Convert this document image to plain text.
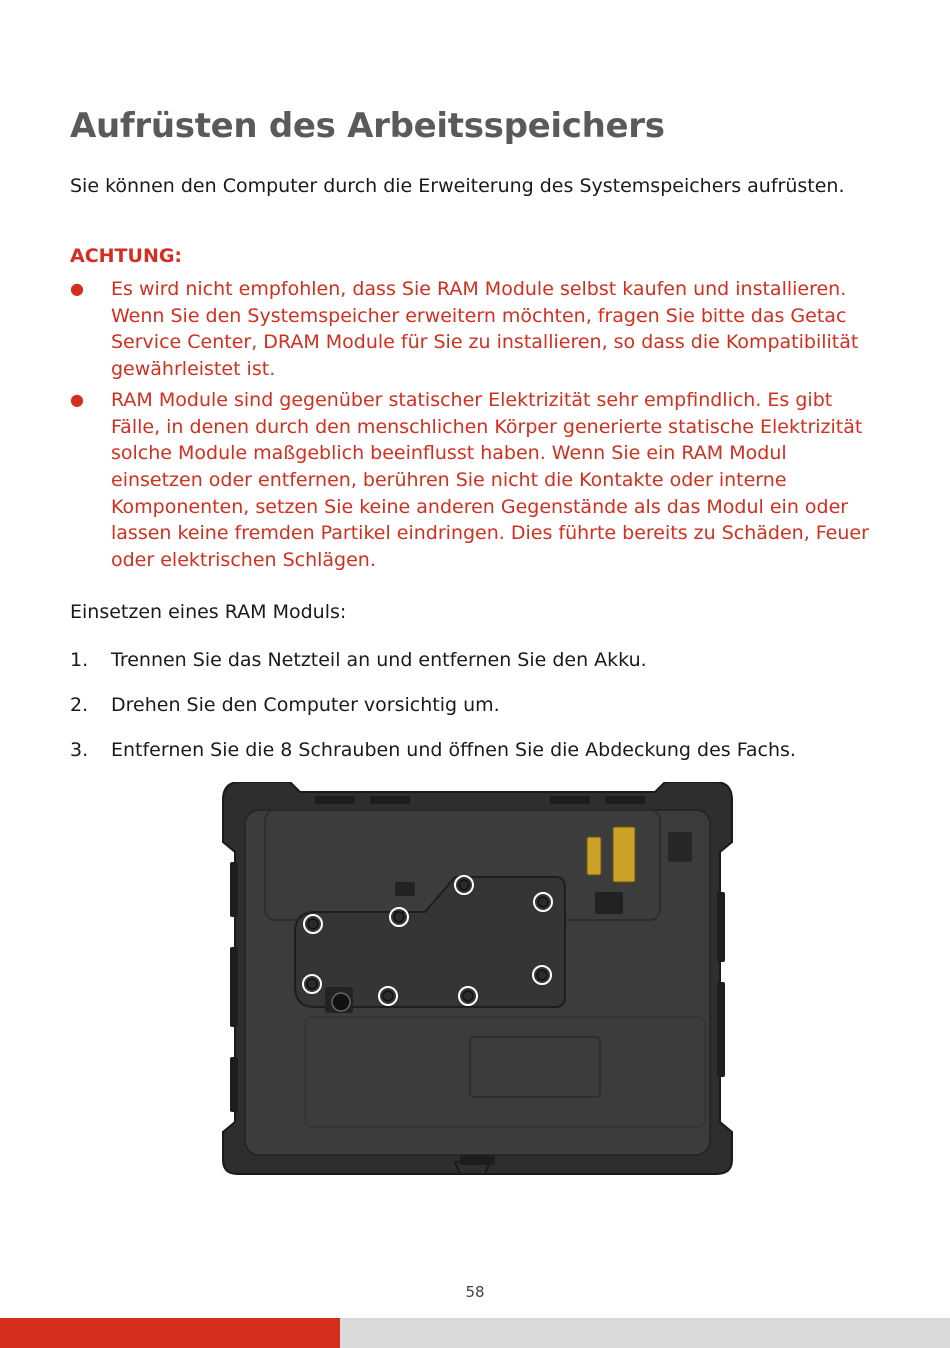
Aufrüsten des Arbeitsspeichers

Sie können den Computer durch die Erweiterung des Systemspeichers aufrüsten.

ACHTUNG:

● Es wird nicht empfohlen, dass Sie RAM Module selbst kaufen und installieren. Wenn Sie den Systemspeicher erweitern möchten, fragen Sie bitte das Getac Service Center, DRAM Module für Sie zu installieren, so dass die Kompatibilität gewährleistet ist.
● RAM Module sind gegenüber statischer Elektrizität sehr empfindlich. Es gibt Fälle, in denen durch den menschlichen Körper generierte statische Elektrizität solche Module maßgeblich beeinflusst haben. Wenn Sie ein RAM Modul einsetzen oder entfernen, berühren Sie nicht die Kontakte oder interne Komponenten, setzen Sie keine anderen Gegenstände als das Modul ein oder lassen keine fremden Partikel eindringen. Dies führte bereits zu Schäden, Feuer oder elektrischen Schlägen.

Einsetzen eines RAM Moduls:

1. Trennen Sie das Netzteil an und entfernen Sie den Akku.
2. Drehen Sie den Computer vorsichtig um.
3. Entfernen Sie die 8 Schrauben und öffnen Sie die Abdeckung des Fachs.
58
